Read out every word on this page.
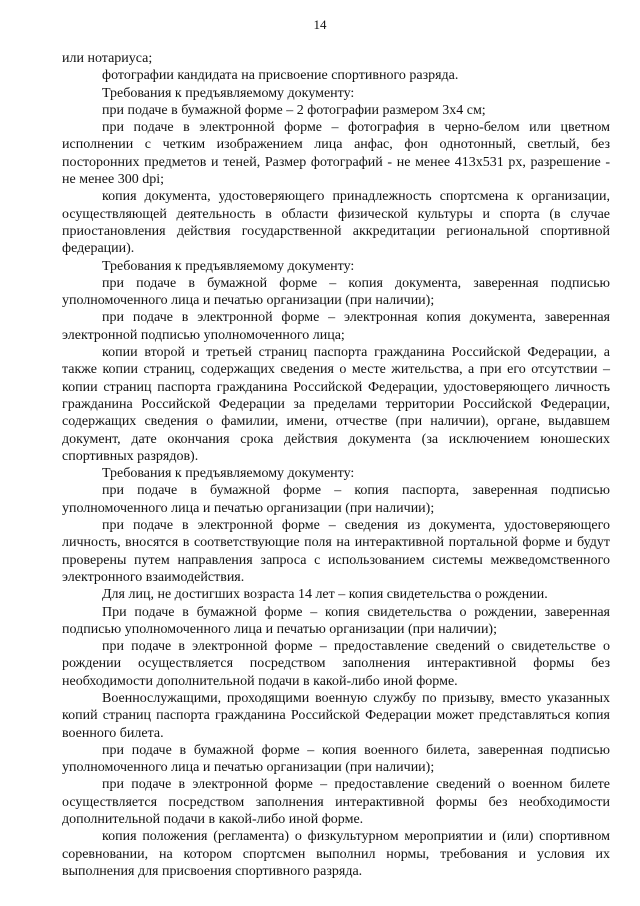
14

или нотариуса;

фотографии кандидата на присвоение спортивного разряда.

Требования к предъявляемому документу:

при подаче в бумажной форме – 2 фотографии размером 3х4 см;

при подаче в электронной форме – фотография в черно-белом или цветном исполнении с четким изображением лица анфас, фон однотонный, светлый, без посторонних предметов и теней, Размер фотографий - не менее 413х531 px, разрешение - не менее 300 dpi;

копия документа, удостоверяющего принадлежность спортсмена к организации, осуществляющей деятельность в области физической культуры и спорта (в случае приостановления действия государственной аккредитации региональной спортивной федерации).

Требования к предъявляемому документу:

при подаче в бумажной форме – копия документа, заверенная подписью уполномоченного лица и печатью организации (при наличии);

при подаче в электронной форме – электронная копия документа, заверенная электронной подписью уполномоченного лица;

копии второй и третьей страниц паспорта гражданина Российской Федерации, а также копии страниц, содержащих сведения о месте жительства, а при его отсутствии – копии страниц паспорта гражданина Российской Федерации, удостоверяющего личность гражданина Российской Федерации за пределами территории Российской Федерации, содержащих сведения о фамилии, имени, отчестве (при наличии), органе, выдавшем документ, дате окончания срока действия документа (за исключением юношеских спортивных разрядов).

Требования к предъявляемому документу:

при подаче в бумажной форме – копия паспорта, заверенная подписью уполномоченного лица и печатью организации (при наличии);

при подаче в электронной форме – сведения из документа, удостоверяющего личность, вносятся в соответствующие поля на интерактивной портальной форме и будут проверены путем направления запроса с использованием системы межведомственного электронного взаимодействия.

Для лиц, не достигших возраста 14 лет – копия свидетельства о рождении.

При подаче в бумажной форме – копия свидетельства о рождении, заверенная подписью уполномоченного лица и печатью организации (при наличии);

при подаче в электронной форме – предоставление сведений о свидетельстве о рождении осуществляется посредством заполнения интерактивной формы без необходимости дополнительной подачи в какой-либо иной форме.

Военнослужащими, проходящими военную службу по призыву, вместо указанных копий страниц паспорта гражданина Российской Федерации может представляться копия военного билета.

при подаче в бумажной форме – копия военного билета, заверенная подписью уполномоченного лица и печатью организации (при наличии);

при подаче в электронной форме – предоставление сведений о военном билете осуществляется посредством заполнения интерактивной формы без необходимости дополнительной подачи в какой-либо иной форме.

копия положения (регламента) о физкультурном мероприятии и (или) спортивном соревновании, на котором спортсмен выполнил нормы, требования и условия их выполнения для присвоения спортивного разряда.
